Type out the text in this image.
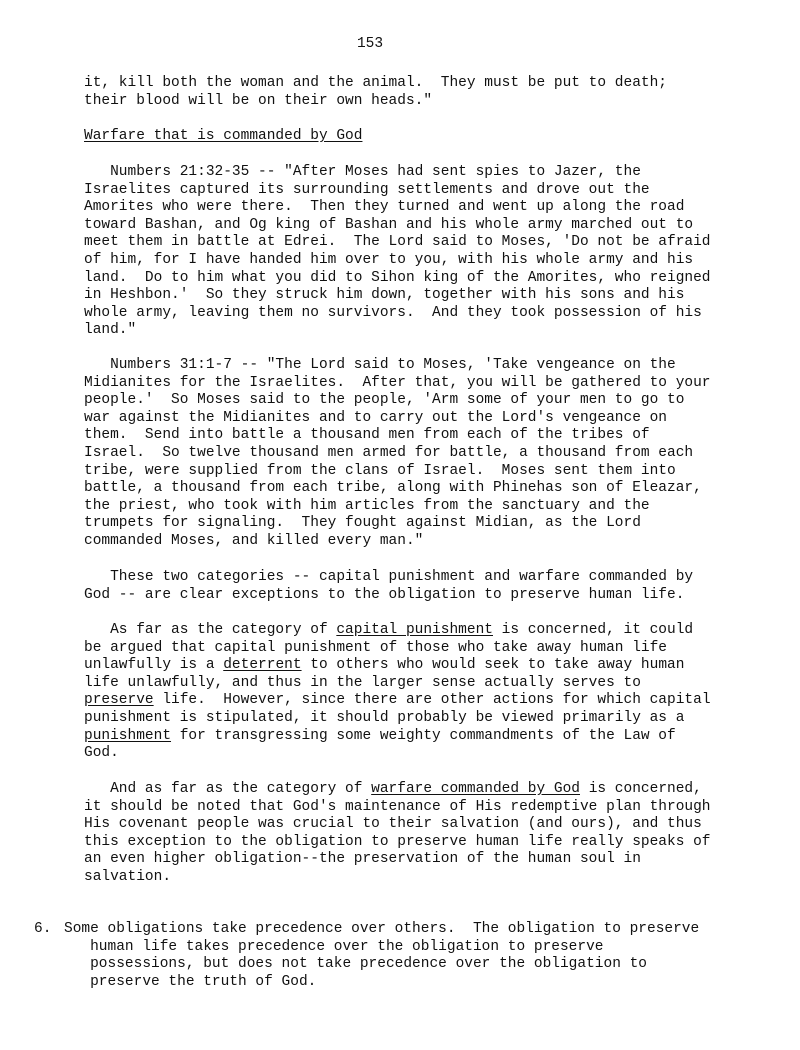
153
it, kill both the woman and the animal.  They must be put to death;
their blood will be on their own heads."
Warfare that is commanded by God
Numbers 21:32-35 -- "After Moses had sent spies to Jazer, the
Israelites captured its surrounding settlements and drove out the
Amorites who were there.  Then they turned and went up along the road
toward Bashan, and Og king of Bashan and his whole army marched out to
meet them in battle at Edrei.  The Lord said to Moses, 'Do not be afraid
of him, for I have handed him over to you, with his whole army and his
land.  Do to him what you did to Sihon king of the Amorites, who reigned
in Heshbon.'  So they struck him down, together with his sons and his
whole army, leaving them no survivors.  And they took possession of his
land."
Numbers 31:1-7 -- "The Lord said to Moses, 'Take vengeance on the
Midianites for the Israelites.  After that, you will be gathered to your
people.'  So Moses said to the people, 'Arm some of your men to go to
war against the Midianites and to carry out the Lord's vengeance on
them.  Send into battle a thousand men from each of the tribes of
Israel.  So twelve thousand men armed for battle, a thousand from each
tribe, were supplied from the clans of Israel.  Moses sent them into
battle, a thousand from each tribe, along with Phinehas son of Eleazar,
the priest, who took with him articles from the sanctuary and the
trumpets for signaling.  They fought against Midian, as the Lord
commanded Moses, and killed every man."
These two categories -- capital punishment and warfare commanded by
God -- are clear exceptions to the obligation to preserve human life.
As far as the category of capital punishment is concerned, it could
be argued that capital punishment of those who take away human life
unlawfully is a deterrent to others who would seek to take away human
life unlawfully, and thus in the larger sense actually serves to
preserve life.  However, since there are other actions for which capital
punishment is stipulated, it should probably be viewed primarily as a
punishment for transgressing some weighty commandments of the Law of
God.
And as far as the category of warfare commanded by God is concerned,
it should be noted that God's maintenance of His redemptive plan through
His covenant people was crucial to their salvation (and ours), and thus
this exception to the obligation to preserve human life really speaks of
an even higher obligation--the preservation of the human soul in
salvation.

6.

Some obligations take precedence over others.  The obligation to preserve
human life takes precedence over the obligation to preserve
possessions, but does not take precedence over the obligation to
preserve the truth of God.
